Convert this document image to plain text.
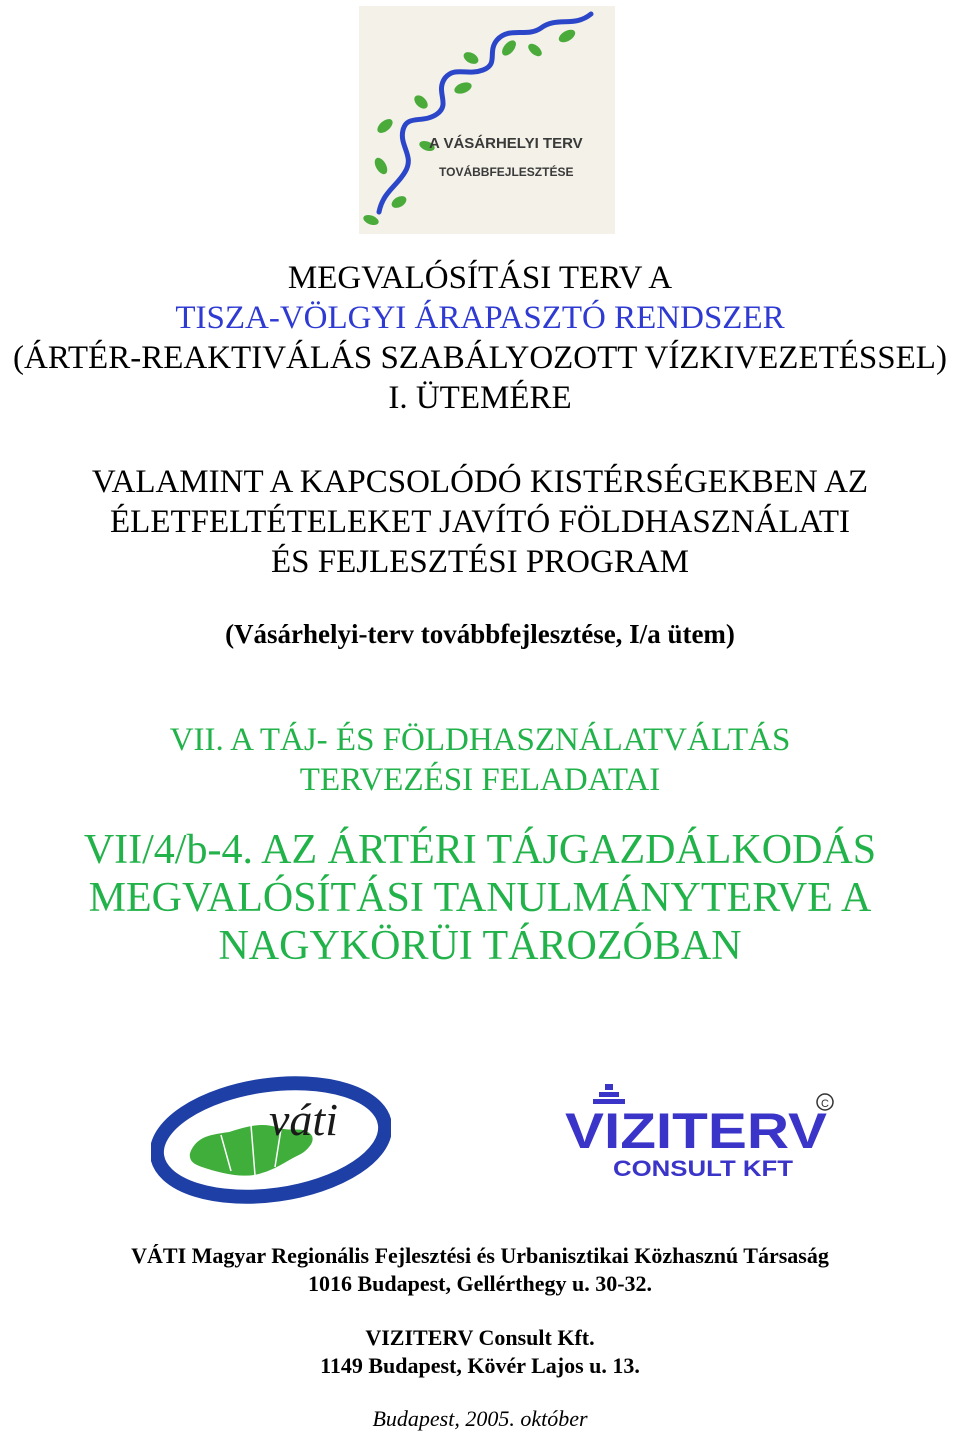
A VÁSÁRHELYI TERV
TOVÁBBFEJLESZTÉSE
MEGVALÓSÍTÁSI TERV A
TISZA-VÖLGYI ÁRAPASZTÓ RENDSZER
(ÁRTÉR-REAKTIVÁLÁS SZABÁLYOZOTT VÍZKIVEZETÉSSEL)
I. ÜTEMÉRE
VALAMINT A KAPCSOLÓDÓ KISTÉRSÉGEKBEN AZ
ÉLETFELTÉTELEKET JAVÍTÓ FÖLDHASZNÁLATI
ÉS FEJLESZTÉSI PROGRAM
(Vásárhelyi-terv továbbfejlesztése, I/a ütem)
VII. A TÁJ- ÉS FÖLDHASZNÁLATVÁLTÁS
TERVEZÉSI FELADATAI
VII/4/b-4. AZ ÁRTÉRI TÁJGAZDÁLKODÁS
MEGVALÓSÍTÁSI TANULMÁNYTERVE A
NAGYKÖRÜI TÁROZÓBAN
váti	VIZITERV
CONSULT KFT
C
VÁTI Magyar Regionális Fejlesztési és Urbanisztikai Közhasznú Társaság
1016 Budapest, Gellérthegy u. 30-32.
VIZITERV Consult Kft.
1149 Budapest, Kövér Lajos u. 13.
Budapest, 2005. október
